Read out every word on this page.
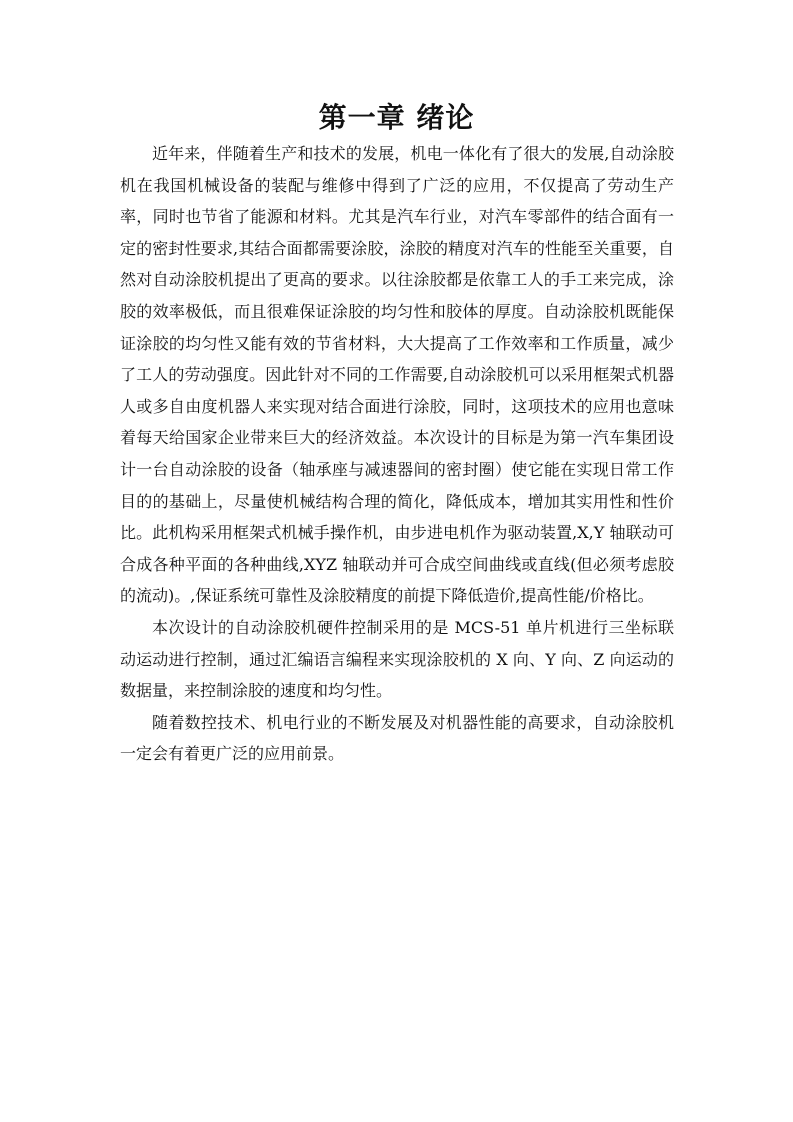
第一章 绪论

近年来，伴随着生产和技术的发展，机电一体化有了很大的发展,自动涂胶机在我国机械设备的装配与维修中得到了广泛的应用，不仅提高了劳动生产率，同时也节省了能源和材料。尤其是汽车行业，对汽车零部件的结合面有一定的密封性要求,其结合面都需要涂胶，涂胶的精度对汽车的性能至关重要，自然对自动涂胶机提出了更高的要求。以往涂胶都是依靠工人的手工来完成，涂胶的效率极低，而且很难保证涂胶的均匀性和胶体的厚度。自动涂胶机既能保证涂胶的均匀性又能有效的节省材料，大大提高了工作效率和工作质量，减少了工人的劳动强度。因此针对不同的工作需要,自动涂胶机可以采用框架式机器人或多自由度机器人来实现对结合面进行涂胶，同时，这项技术的应用也意味着每天给国家企业带来巨大的经济效益。本次设计的目标是为第一汽车集团设计一台自动涂胶的设备（轴承座与减速器间的密封圈）使它能在实现日常工作目的的基础上，尽量使机械结构合理的简化，降低成本，增加其实用性和性价比。此机构采用框架式机械手操作机，由步进电机作为驱动装置,X,Y 轴联动可合成各种平面的各种曲线,XYZ 轴联动并可合成空间曲线或直线(但必须考虑胶的流动)。,保证系统可靠性及涂胶精度的前提下降低造价,提高性能/价格比。

本次设计的自动涂胶机硬件控制采用的是 MCS-51 单片机进行三坐标联动运动进行控制，通过汇编语言编程来实现涂胶机的 X 向、Y 向、Z 向运动的数据量，来控制涂胶的速度和均匀性。

随着数控技术、机电行业的不断发展及对机器性能的高要求，自动涂胶机一定会有着更广泛的应用前景。
